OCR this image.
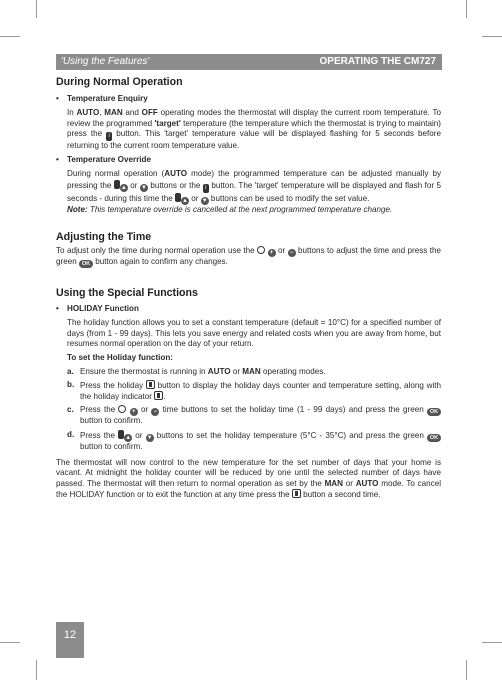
'Using the Features'	OPERATING THE CM727
During Normal Operation
• Temperature Enquiry

In AUTO, MAN and OFF operating modes the thermostat will display the current room temperature. To review the programmed 'target' temperature (the temperature which the thermostat is trying to maintain) press the i button. This 'target' temperature value will be displayed flashing for 5 seconds before returning to the current room temperature value.

• Temperature Override

During normal operation (AUTO mode) the programmed temperature can be adjusted manually by pressing the ▲ or ▼ buttons or the i button. The 'target' temperature will be displayed and flash for 5 seconds - during this time the ▲ or ▼ buttons can be used to modify the set value.
Note: This temperature override is cancelled at the next programmed temperature change.

Adjusting the Time

To adjust only the time during normal operation use the  + or − buttons to adjust the time and press the green OK button again to confirm any changes.

Using the Special Functions
• HOLIDAY Function

The holiday function allows you to set a constant temperature (default = 10°C) for a specified number of days (from 1 - 99 days). This lets you save energy and related costs when you are away from home, but resumes normal operation on the day of your return.

To set the Holiday function:

a. Ensure the thermostat is running in AUTO or MAN operating modes.

b. Press the holiday  button to display the holiday days counter and temperature setting, along with the holiday indicator .

c. Press the  + or − time buttons to set the holiday time (1 - 99 days) and press the green OK button to confirm.

d. Press the ▲ or ▼ buttons to set the holiday temperature (5°C - 35°C) and press the green OK button to confirm.

The thermostat will now control to the new temperature for the set number of days that your home is vacant. At midnight the holiday counter will be reduced by one until the selected number of days have passed. The thermostat will then return to normal operation as set by the MAN or AUTO mode. To cancel the HOLIDAY function or to exit the function at any time press the  button a second time.

12
